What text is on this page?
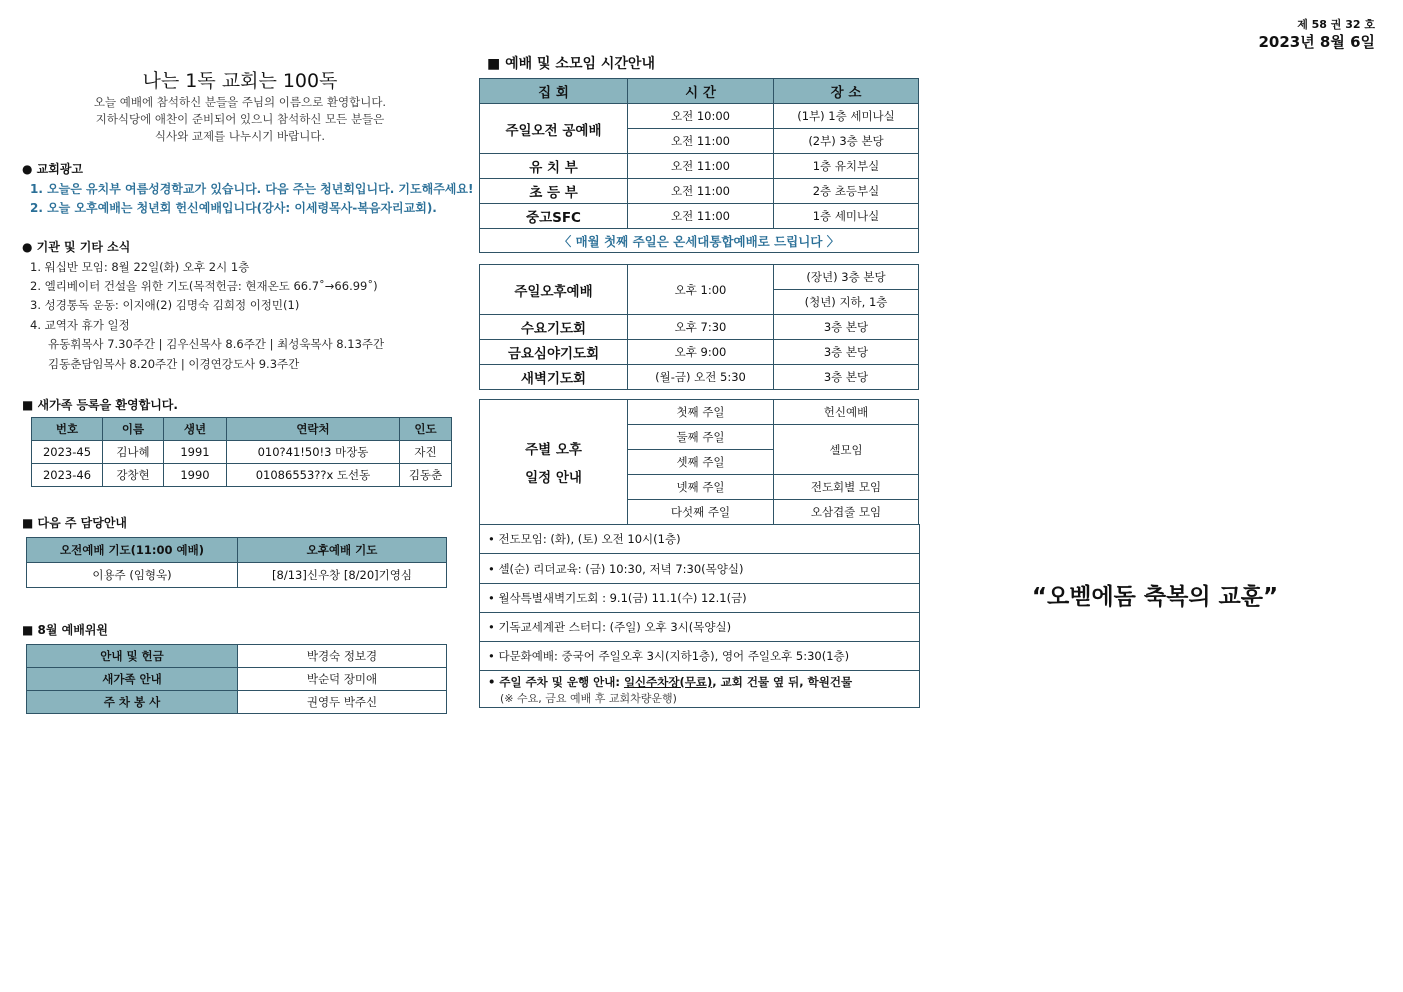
제 58 권 32 호
2023년 8월 6일
나는 1독 교회는 100독
오늘 예배에 참석하신 분들을 주님의 이름으로 환영합니다.
지하식당에 애찬이 준비되어 있으니 참석하신 모든 분들은
식사와 교제를 나누시기 바랍니다.
● 교회광고
1. 오늘은 유치부 여름성경학교가 있습니다. 다음 주는 청년회입니다. 기도해주세요!
2. 오늘 오후예배는 청년회 헌신예배입니다(강사: 이세령목사-복음자리교회).
● 기관 및 기타 소식
1. 워십반 모임: 8월 22일(화) 오후 2시 1층
2. 엘리베이터 건설을 위한 기도(목적헌금: 현재온도 66.7˚→66.99˚)
3. 성경통독 운동: 이지애(2) 김명숙 김희정 이정민(1)
4. 교역자 휴가 일정
유동휘목사 7.30주간 | 김우신목사 8.6주간 | 최성욱목사 8.13주간
김동춘담임목사 8.20주간 | 이경연강도사 9.3주간
■ 새가족 등록을 환영합니다.
번호	이름	생년	연락처	인도
2023-45	김나혜	1991	010?41!50!3 마장동	자진
2023-46	강창현	1990	01086553??x 도선동	김동춘
■ 다음 주 담당안내
오전예배 기도(11:00 예배)	오후예배 기도
이용주 (임형욱)	[8/13]신우창 [8/20]기영심
■ 8월 예배위원
안내 및 헌금	박경숙 정보경
새가족 안내	박순덕 장미애
주 차 봉 사	권영두 박주신
■ 예배 및 소모임 시간안내
집 회	시 간	장 소
주일오전 공예배	오전 10:00	(1부) 1층 세미나실
	오전 11:00	(2부) 3층 본당
유 치 부	오전 11:00	1층 유치부실
초 등 부	오전 11:00	2층 초등부실
중고SFC	오전 11:00	1층 세미나실
〈 매월 첫째 주일은 온세대통합예배로 드립니다 〉		
주일오후예배	오후 1:00	(장년) 3층 본당
		(청년) 지하, 1층
수요기도회	오후 7:30	3층 본당
금요심야기도회	오후 9:00	3층 본당
새벽기도회	(월-금) 오전 5:30	3층 본당
주별 오후
일정 안내	첫째 주일	헌신예배
	둘째 주일	셀모임
	셋째 주일	
	넷째 주일	전도회별 모임
	다섯째 주일	오삼겹줄 모임
• 전도모임: (화), (토) 오전 10시(1층)
• 셀(순) 리더교육: (금) 10:30, 저녁 7:30(목양실)
• 월삭특별새벽기도회 : 9.1(금) 11.1(수) 12.1(금)
• 기독교세계관 스터디: (주일) 오후 3시(목양실)
• 다문화예배: 중국어 주일오후 3시(지하1층), 영어 주일오후 5:30(1층)
• 주일 주차 및 운행 안내: 일신주차장(무료), 교회 건물 옆 뒤, 학원건물
(※ 수요, 금요 예배 후 교회차량운행)
“오벧에돔 축복의 교훈”
